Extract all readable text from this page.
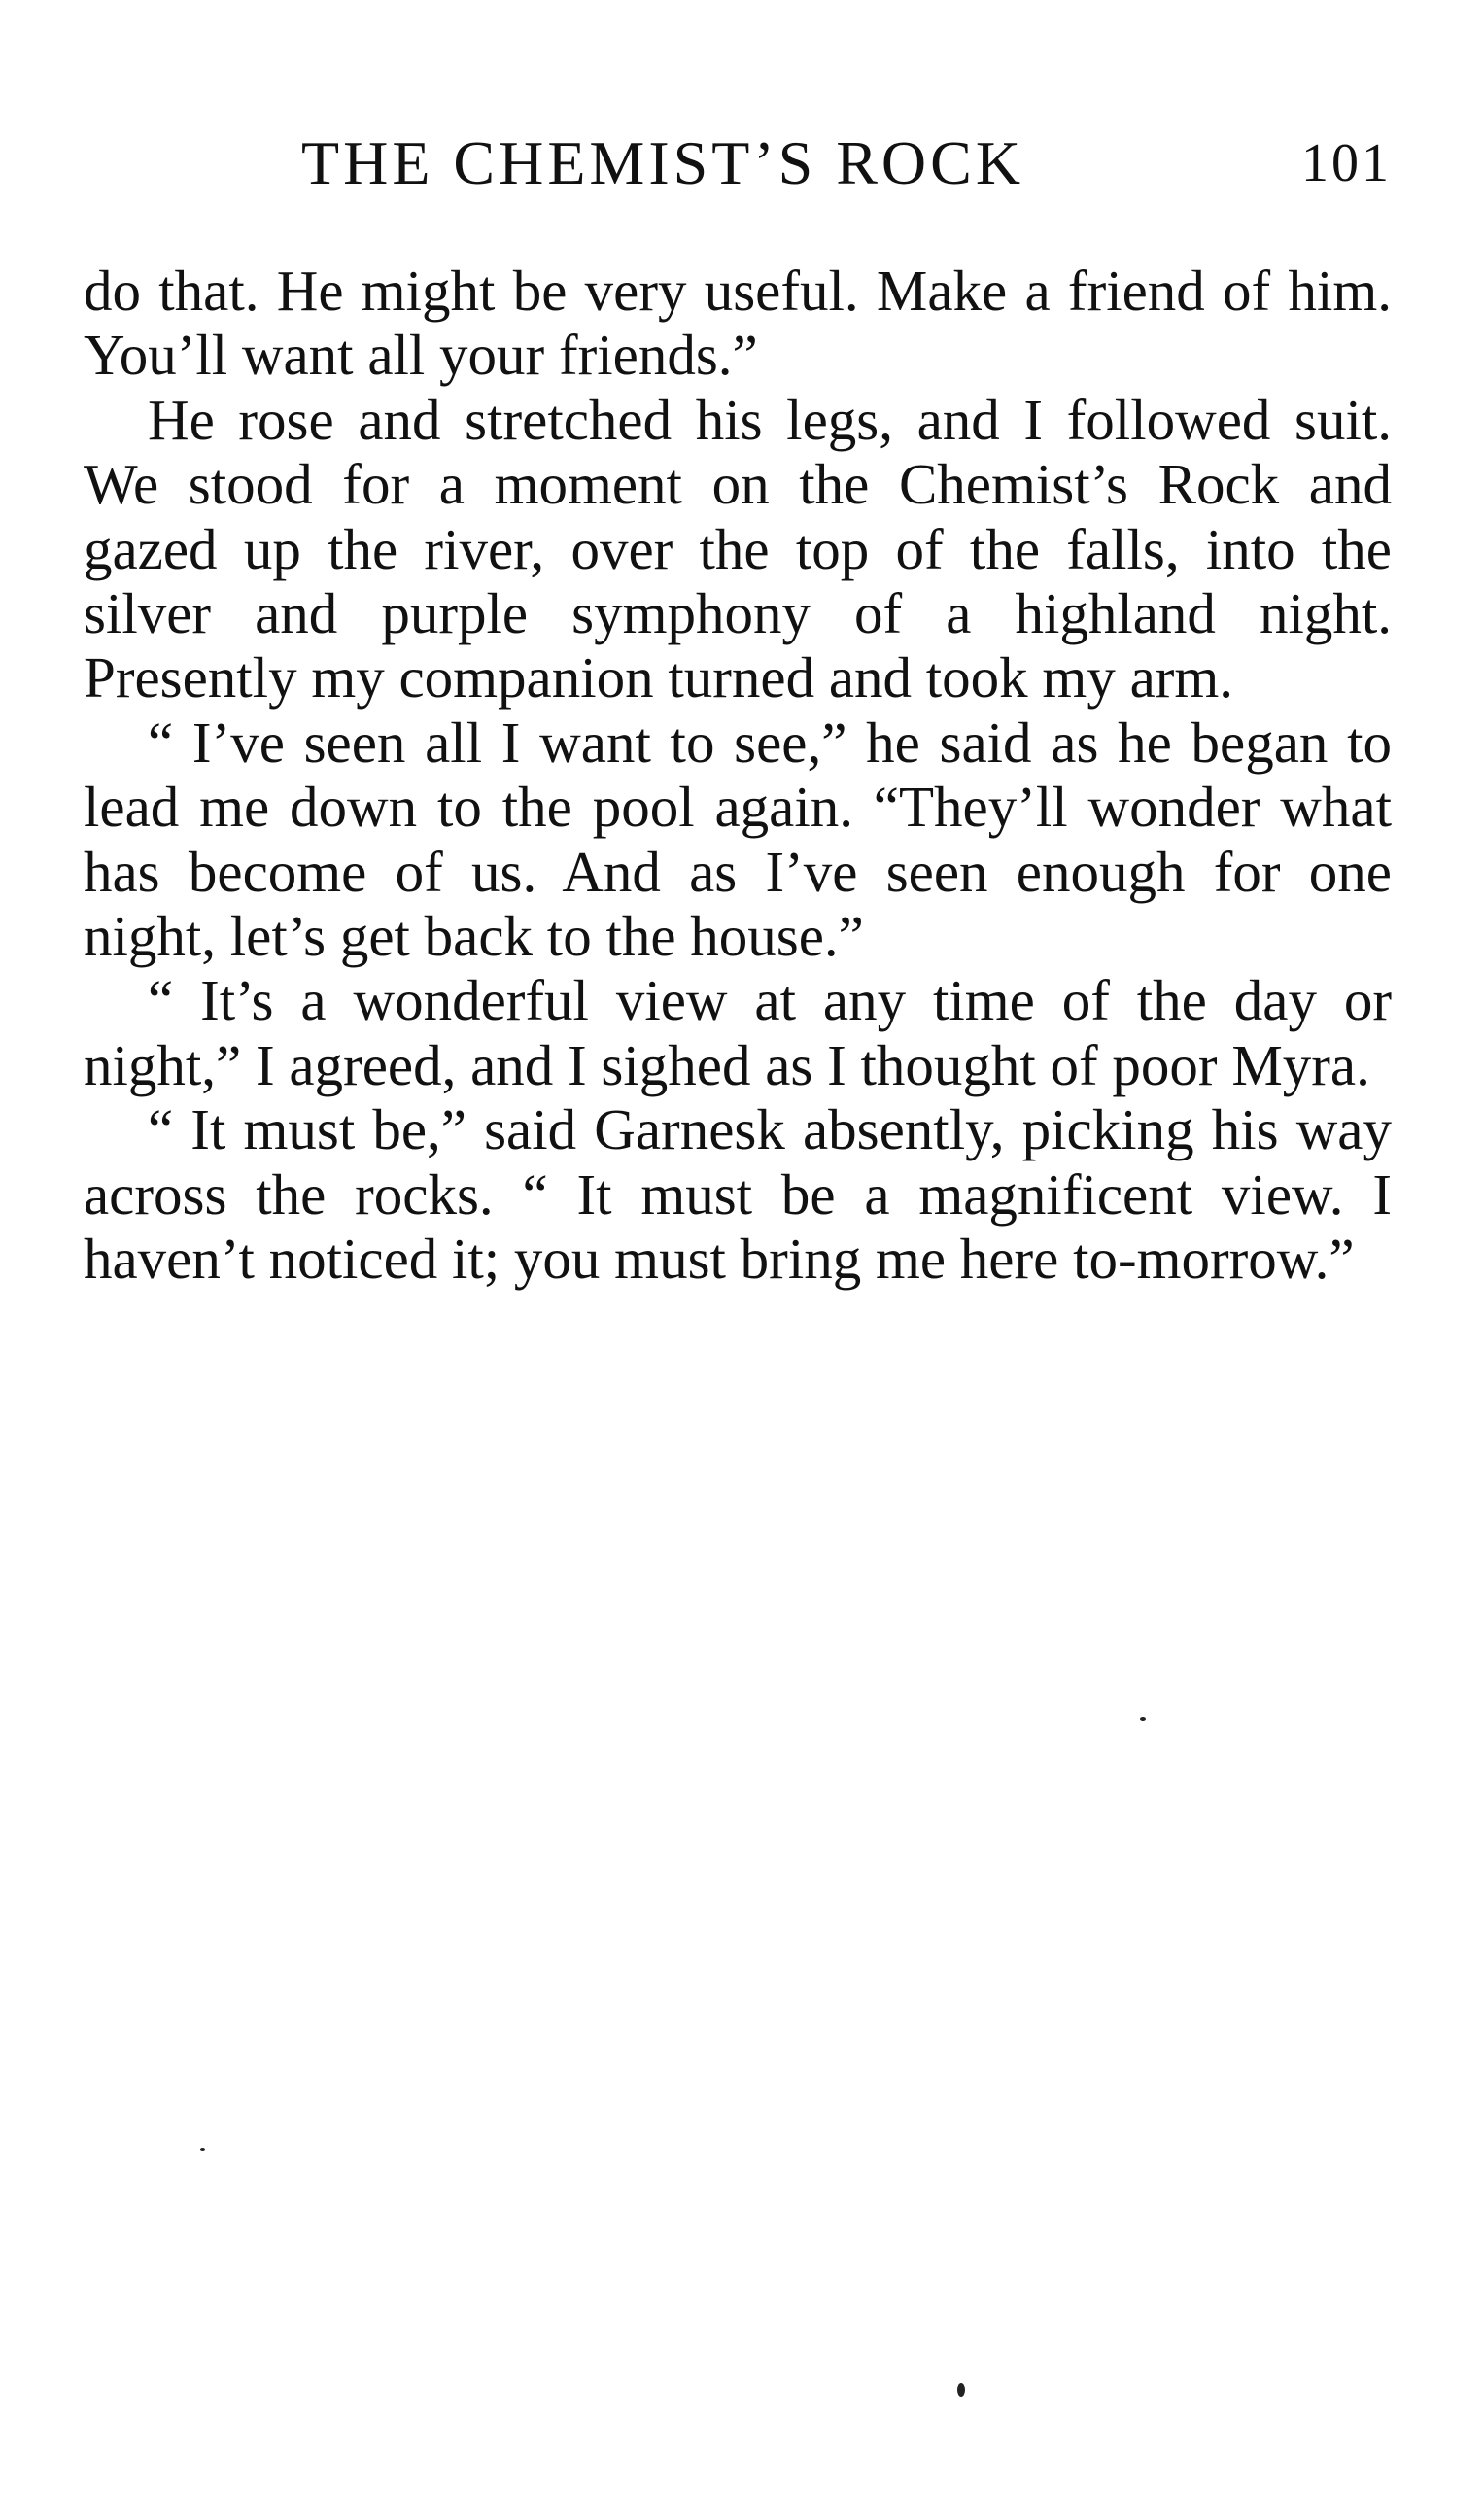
THE CHEMIST’S ROCK	101

do that. He might be very useful. Make a friend of him. You’ll want all your friends.”

He rose and stretched his legs, and I followed suit. We stood for a moment on the Chemist’s Rock and gazed up the river, over the top of the falls, into the silver and purple symphony of a highland night. Presently my companion turned and took my arm.

“ I’ve seen all I want to see,” he said as he began to lead me down to the pool again. “They’ll wonder what has become of us. And as I’ve seen enough for one night, let’s get back to the house.”

“ It’s a wonderful view at any time of the day or night,” I agreed, and I sighed as I thought of poor Myra.

“ It must be,” said Garnesk absently, picking his way across the rocks. “ It must be a magnificent view. I haven’t noticed it; you must bring me here to-morrow.”
